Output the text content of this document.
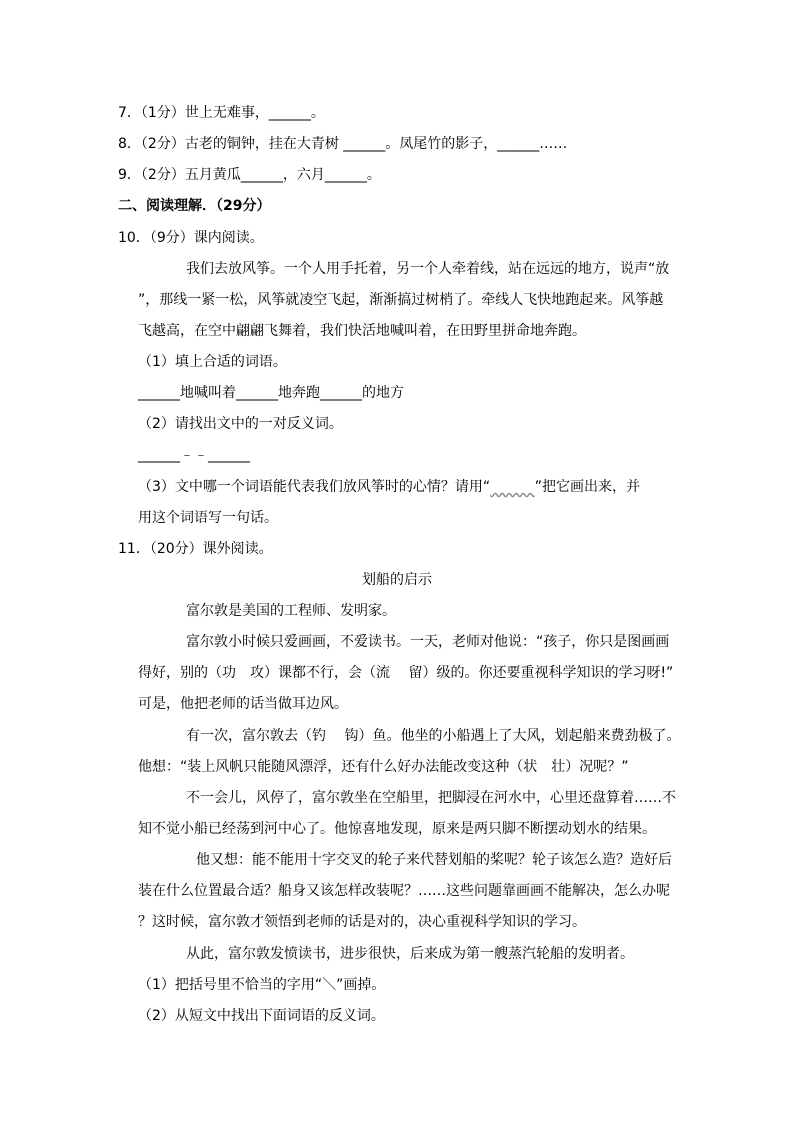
7．（1分）世上无难事，______。
8．（2分）古老的铜钟，挂在大青树 ______。凤尾竹的影子，______……
9．（2分）五月黄瓜______，六月______。
二、阅读理解．（29分）
10．（9分）课内阅读。
我们去放风筝。一个人用手托着，另一个人牵着线，站在远远的地方，说声“放
”，那线一紧一松，风筝就凌空飞起，渐渐搞过树梢了。牵线人飞快地跑起来。风筝越
飞越高，在空中翩翩飞舞着，我们快活地喊叫着，在田野里拼命地奔跑。
（1）填上合适的词语。
______地喊叫着______地奔跑______的地方
（2）请找出文中的一对反义词。
______﹣﹣______
（3）文中哪一个词语能代表我们放风筝时的心情？请用“	”把它画出来，并
用这个词语写一句话。
11．（20分）课外阅读。
划船的启示
富尔敦是美国的工程师、发明家。
富尔敦小时候只爱画画，不爱读书。一天，老师对他说：“孩子，你只是图画画
得好，别的（功　攻）课都不行，会（流　 留）级的。你还要重视科学知识的学习呀!”
可是，他把老师的话当做耳边风。
有一次，富尔敦去（钓　 钩）鱼。他坐的小船遇上了大风，划起船来费劲极了。
他想：“装上风帆只能随风漂浮，还有什么好办法能改变这种（状　壮）况呢？”
不一会儿，风停了，富尔敦坐在空船里，把脚浸在河水中，心里还盘算着……不
知不觉小船已经荡到河中心了。他惊喜地发现，原来是两只脚不断摆动划水的结果。
他又想：能不能用十字交叉的轮子来代替划船的桨呢？轮子该怎么造？造好后
装在什么位置最合适？船身又该怎样改装呢？……这些问题靠画画不能解决，怎么办呢
？这时候，富尔敦才领悟到老师的话是对的，决心重视科学知识的学习。
从此，富尔敦发愤读书，进步很快，后来成为第一艘蒸汽轮船的发明者。
（1）把括号里不恰当的字用“＼”画掉。
（2）从短文中找出下面词语的反义词。
